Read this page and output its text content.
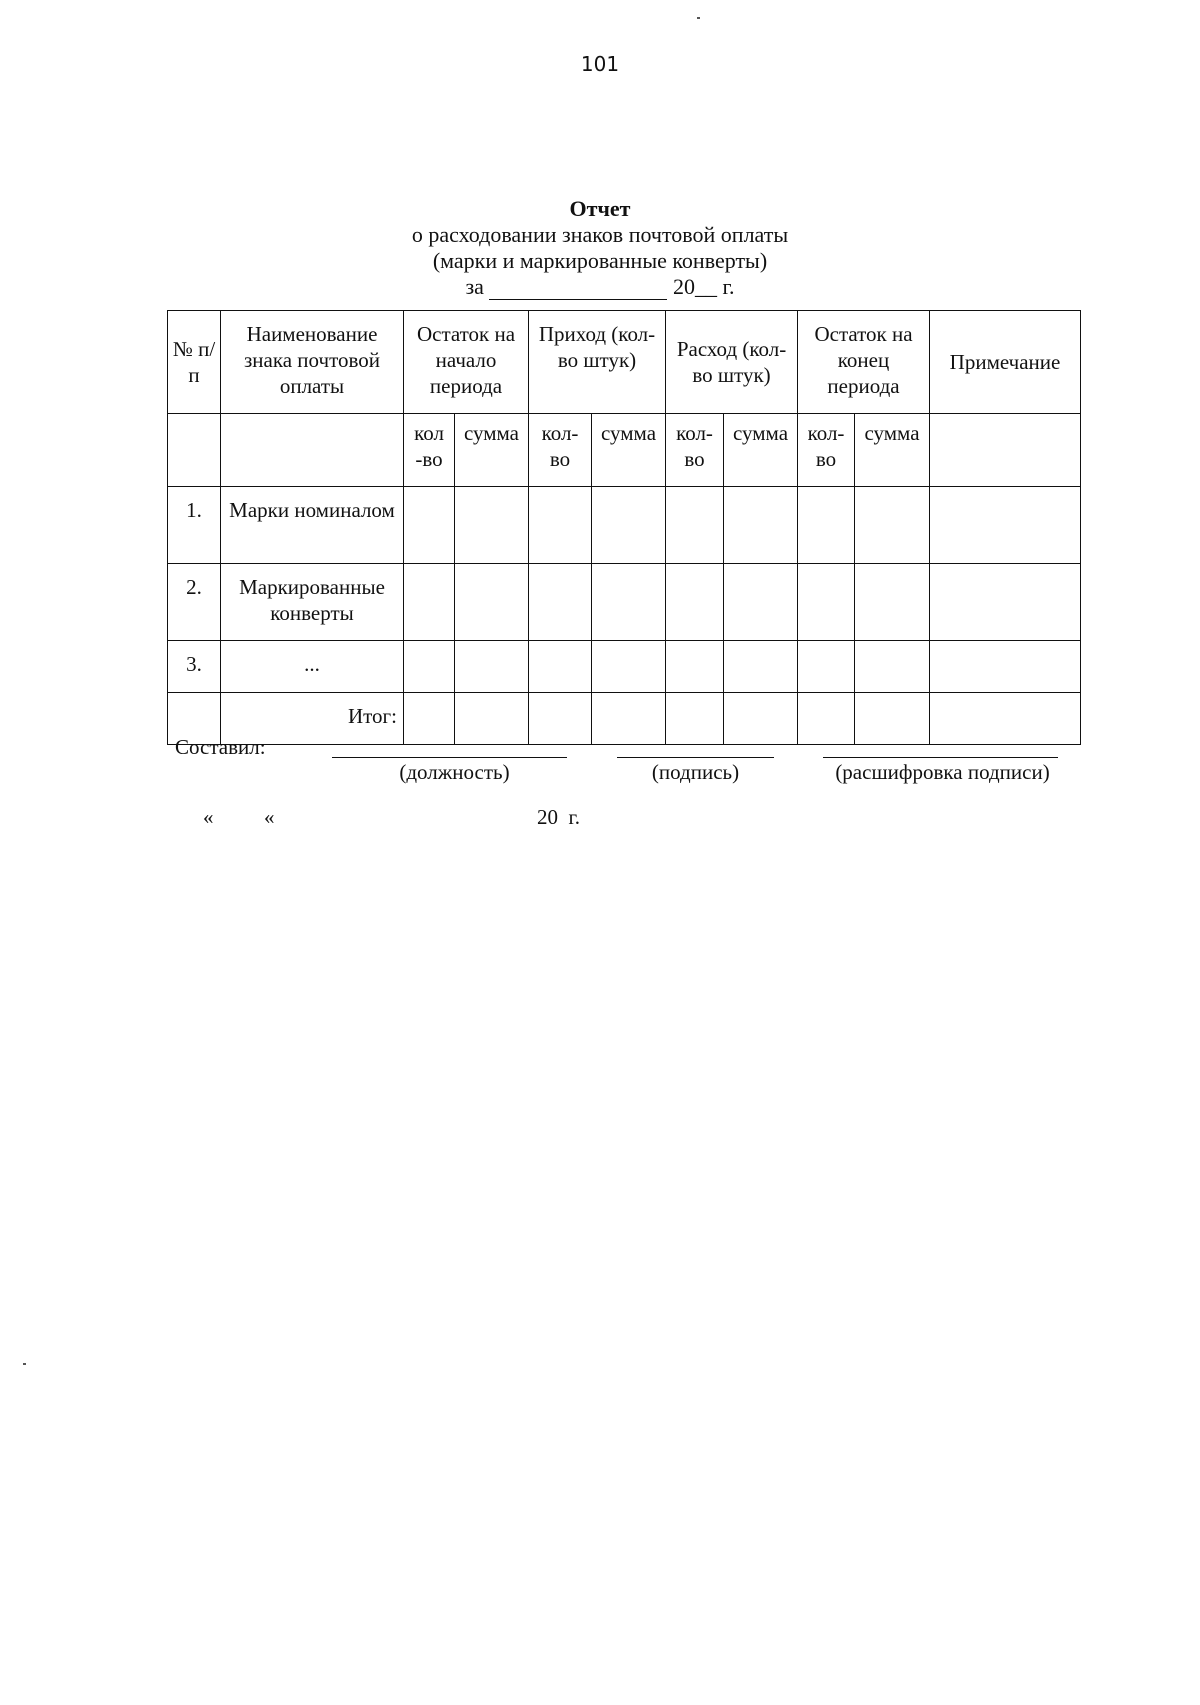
101
Отчет
о расходовании знаков почтовой оплаты
(марки и маркированные конверты)
за	20__ г.
№ п/п	Наименование знака почтовой оплаты	Остаток на начало периода		Приход (кол-во штук)		Расход (кол-во штук)		Остаток на конец периода		Примечание
		кол -во	сумма	кол-во	сумма	кол-во	сумма	кол-во	сумма	
1.	Марки номиналом									
2.	Маркированные конверты									
3.	...									
	Итог:									
Составил:
(должность)	(подпись)	(расшифровка подписи)
« «	20  г.
